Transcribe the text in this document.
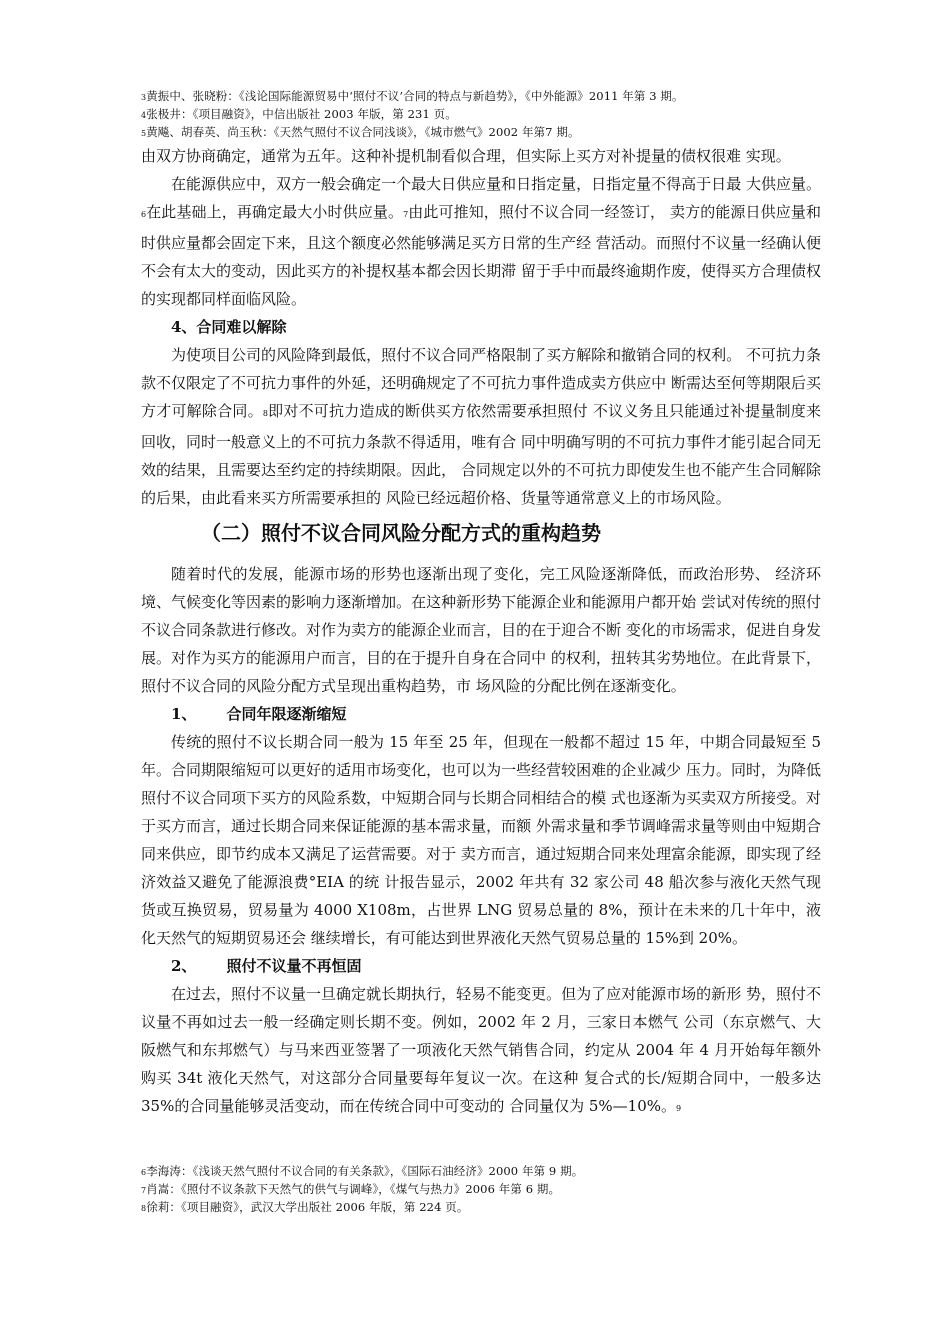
3黄振中、张晓粉：《浅论国际能源贸易中‘照付不议’合同的特点与新趋势》，《中外能源》2011 年第 3 期。
4张极井：《项目融资》，中信出版社 2003 年版，第 231 页。
5黄飚、胡春英、尚玉秋：《天然气照付不议合同浅谈》，《城市燃气》2002 年第7 期。

由双方协商确定，通常为五年。这种补提机制看似合理，但实际上买方对补提量的债权很难 实现。

在能源供应中，双方一般会确定一个最大日供应量和日指定量，日指定量不得高于日最 大供应量。6在此基础上，再确定最大小时供应量。7由此可推知，照付不议合同一经签订， 卖方的能源日供应量和时供应量都会固定下来，且这个额度必然能够满足买方日常的生产经 营活动。而照付不议量一经确认便不会有太大的变动，因此买方的补提权基本都会因长期滞 留于手中而最终逾期作废，使得买方合理债权的实现都同样面临风险。

4、合同难以解除

为使项目公司的风险降到最低，照付不议合同严格限制了买方解除和撤销合同的权利。 不可抗力条款不仅限定了不可抗力事件的外延，还明确规定了不可抗力事件造成卖方供应中 断需达至何等期限后买方才可解除合同。8即对不可抗力造成的断供买方依然需要承担照付 不议义务且只能通过补提量制度来回收，同时一般意义上的不可抗力条款不得适用，唯有合 同中明确写明的不可抗力事件才能引起合同无效的结果，且需要达至约定的持续期限。因此， 合同规定以外的不可抗力即使发生也不能产生合同解除的后果，由此看来买方所需要承担的 风险已经远超价格、货量等通常意义上的市场风险。

（二）照付不议合同风险分配方式的重构趋势

随着时代的发展，能源市场的形势也逐渐出现了变化，完工风险逐渐降低，而政治形势、 经济环境、气候变化等因素的影响力逐渐增加。在这种新形势下能源企业和能源用户都开始 尝试对传统的照付不议合同条款进行修改。对作为卖方的能源企业而言，目的在于迎合不断 变化的市场需求，促进自身发展。对作为买方的能源用户而言，目的在于提升自身在合同中 的权利，扭转其劣势地位。在此背景下，照付不议合同的风险分配方式呈现出重构趋势，市 场风险的分配比例在逐渐变化。

1、 合同年限逐渐缩短

传统的照付不议长期合同一般为 15 年至 25 年，但现在一般都不超过 15 年，中期合同最短至 5 年。合同期限缩短可以更好的适用市场变化，也可以为一些经营较困难的企业减少 压力。同时，为降低照付不议合同项下买方的风险系数，中短期合同与长期合同相结合的模 式也逐渐为买卖双方所接受。对于买方而言，通过长期合同来保证能源的基本需求量，而额 外需求量和季节调峰需求量等则由中短期合同来供应，即节约成本又满足了运营需要。对于 卖方而言，通过短期合同来处理富余能源，即实现了经济效益又避免了能源浪费°EIA 的统 计报告显示，2002 年共有 32 家公司 48 船次参与液化天然气现货或互换贸易，贸易量为 4000 X108m，占世界 LNG 贸易总量的 8%，预计在未来的几十年中，液化天然气的短期贸易还会 继续增长，有可能达到世界液化天然气贸易总量的 15%到 20%。

2、 照付不议量不再恒固

在过去，照付不议量一旦确定就长期执行，轻易不能变更。但为了应对能源市场的新形 势，照付不议量不再如过去一般一经确定则长期不变。例如，2002 年 2 月，三家日本燃气 公司（东京燃气、大阪燃气和东邦燃气）与马来西亚签署了一项液化天然气销售合同，约定从 2004 年 4 月开始每年额外购买 34t 液化天然气，对这部分合同量要每年复议一次。在这种 复合式的长/短期合同中，一般多达 35%的合同量能够灵活变动，而在传统合同中可变动的 合同量仅为 5%—10%。9

6李海涛：《浅谈天然气照付不议合同的有关条款》，《国际石油经济》2000 年第 9 期。
7肖嵩：《照付不议条款下天然气的供气与调峰》，《煤气与热力》2006 年第 6 期。
8徐莉：《项目融资》，武汉大学出版社 2006 年版，第 224 页。
